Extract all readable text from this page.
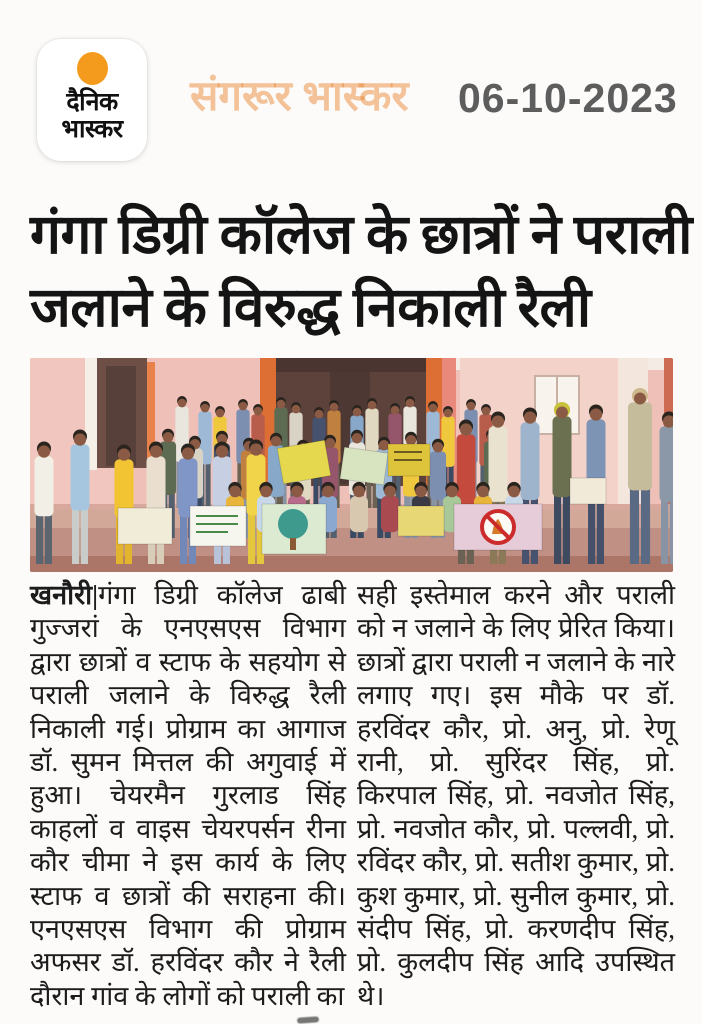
दैनिक
भास्कर
संगरूर भास्कर 06-10-2023
गंगा डिग्री कॉलेज के छात्रों ने पराली
जलाने के विरुद्ध निकाली रैली

खनौरी|गंगा डिग्री कॉलेज ढाबी गुज्जरां के एनएसएस विभाग द्वारा छात्रों व स्टाफ के सहयोग से पराली जलाने के विरुद्ध रैली निकाली गई। प्रोग्राम का आगाज डॉ. सुमन मित्तल की अगुवाई में हुआ। चेयरमैन गुरलाड सिंह काहलों व वाइस चेयरपर्सन रीना कौर चीमा ने इस कार्य के लिए स्टाफ व छात्रों की सराहना की। एनएसएस विभाग की प्रोग्राम अफसर डॉ. हरविंदर कौर ने रैली दौरान गांव के लोगों को पराली का

सही इस्तेमाल करने और पराली को न जलाने के लिए प्रेरित किया। छात्रों द्वारा पराली न जलाने के नारे लगाए गए। इस मौके पर डॉ. हरविंदर कौर, प्रो. अनु, प्रो. रेणू रानी, प्रो. सुरिंदर सिंह, प्रो. किरपाल सिंह, प्रो. नवजोत सिंह, प्रो. नवजोत कौर, प्रो. पल्लवी, प्रो. रविंदर कौर, प्रो. सतीश कुमार, प्रो. कुश कुमार, प्रो. सुनील कुमार, प्रो. संदीप सिंह, प्रो. करणदीप सिंह, प्रो. कुलदीप सिंह आदि उपस्थित थे।
